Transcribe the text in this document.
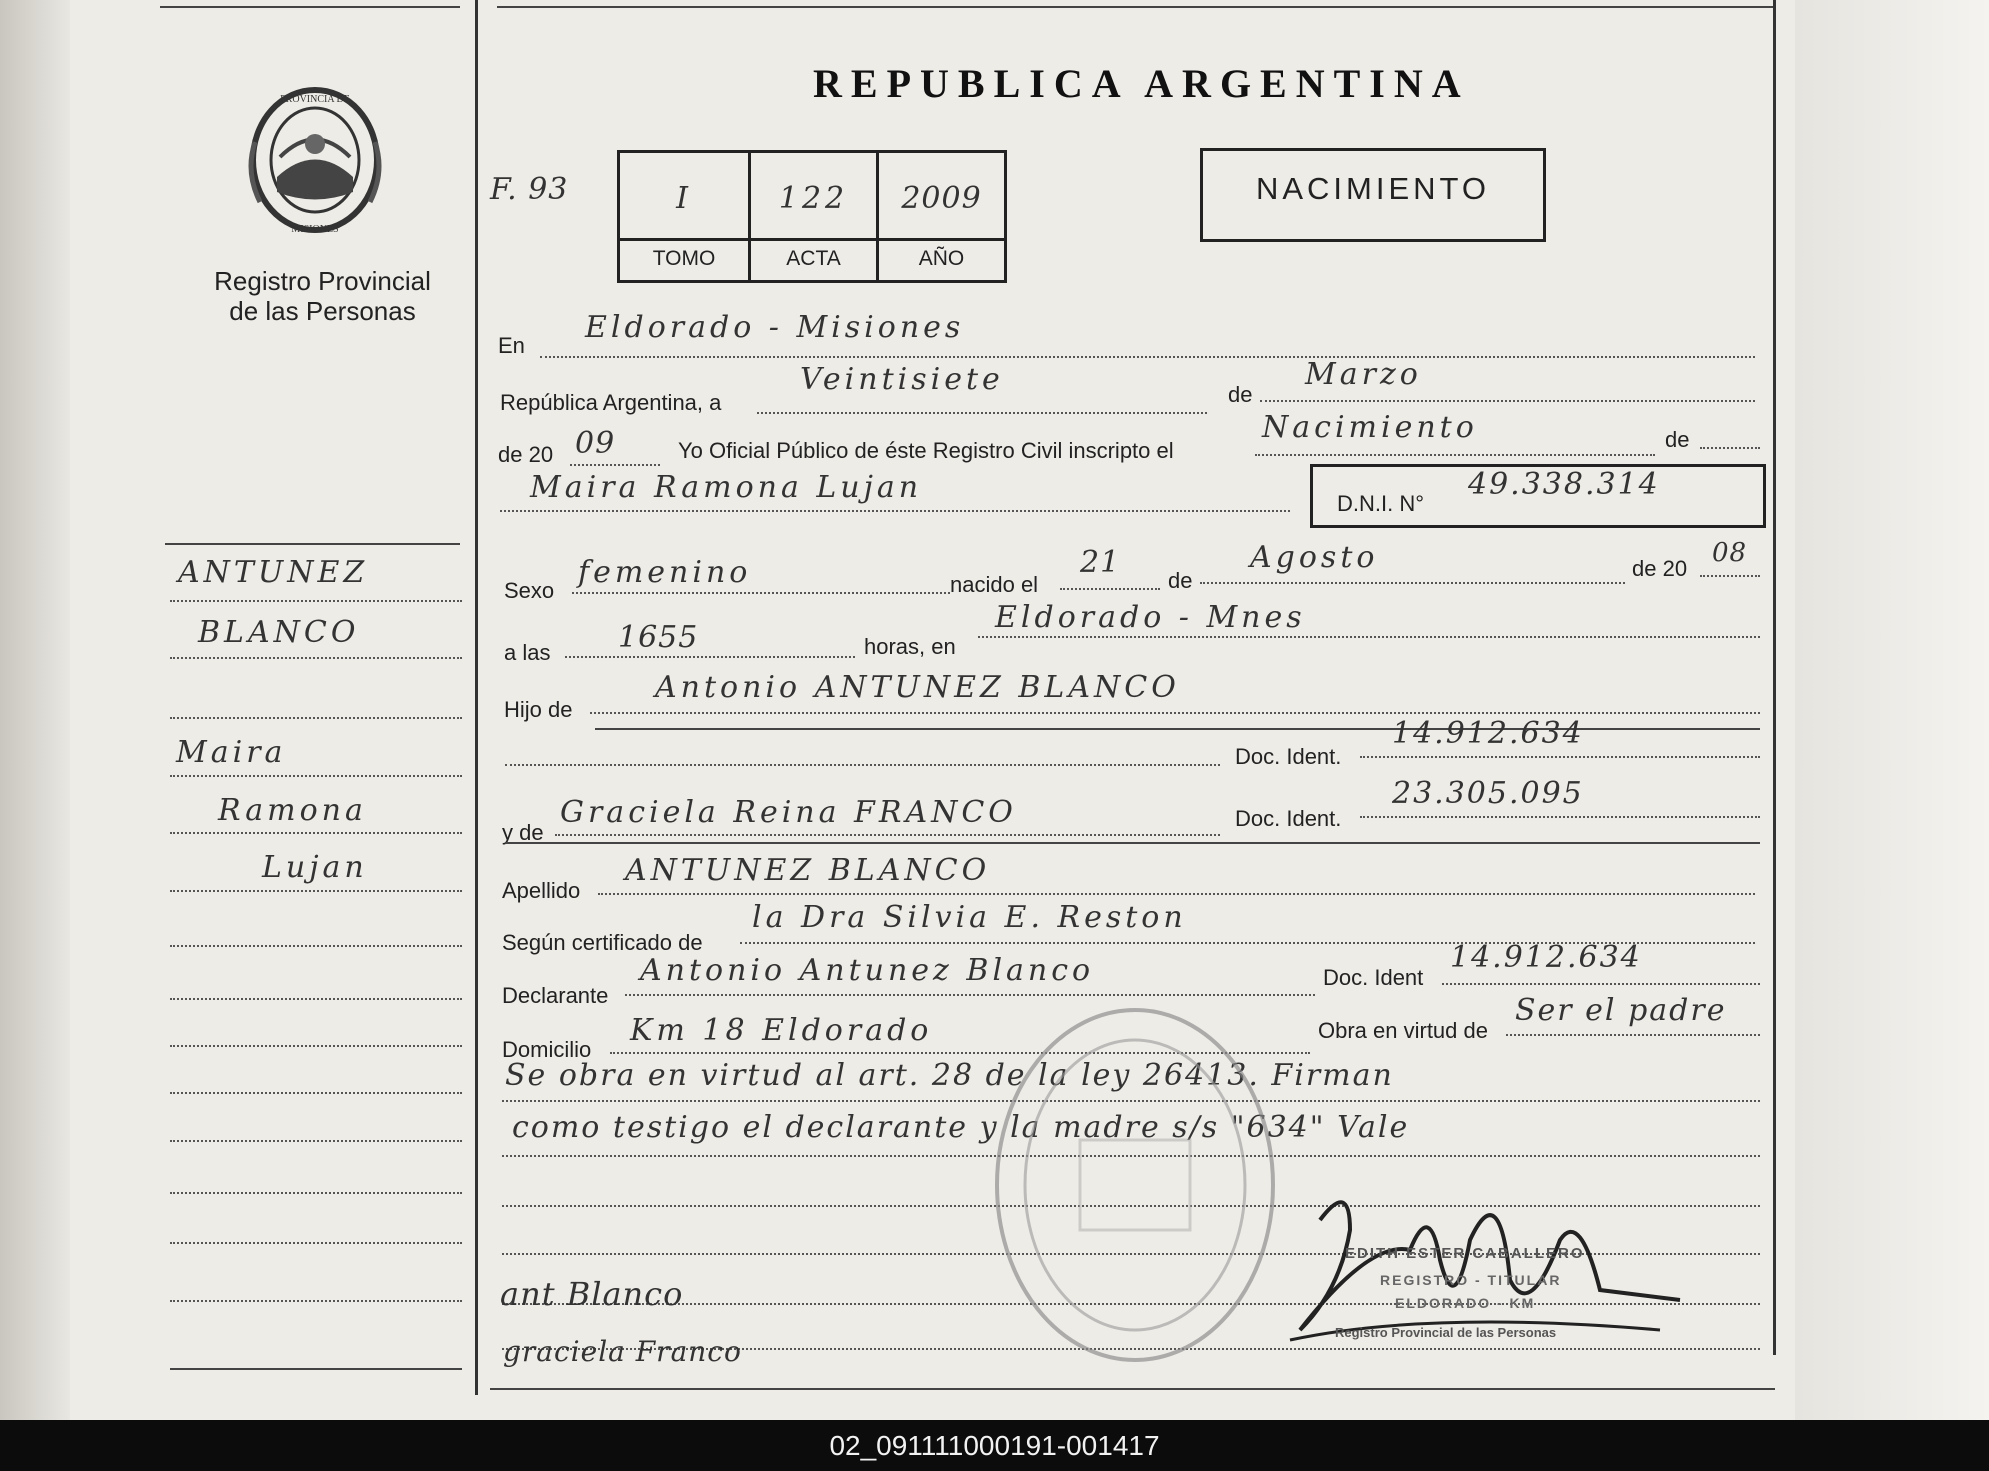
PROVINCIA DE
MISIONES
Registro Provincial
de las Personas
ANTUNEZ
BLANCO
Maira
Ramona
Lujan
REPUBLICA ARGENTINA
NACIMIENTO
F. 93	I	122	2009
TOMO	ACTA	AÑO
En
Eldorado - Misiones
República Argentina, a
Veintisiete	de
Marzo
de 20 09	Yo Oficial Público de éste Registro Civil inscripto el
Nacimiento	de
Maira Ramona Lujan	D.N.I. N°
49.338.314
Sexo
femenino	nacido el
21
de
Agosto	de 20
08
a las 1655	horas, en
Eldorado - Mnes
Hijo de
Antonio ANTUNEZ BLANCO
Doc. Ident.
14.912.634
y de
Graciela Reina FRANCO	Doc. Ident.
23.305.095
Apellido
ANTUNEZ BLANCO
Según certificado de
la Dra Silvia E. Reston
Declarante
Antonio Antunez Blanco	Doc. Ident
14.912.634
Domicilio
Km 18 Eldorado	Obra en virtud de
Ser el padre
Se obra en virtud al art. 28 de la ley 26413. Firman
como testigo el declarante y la madre s/s "634" Vale
EDITH ESTER CABALLERO
REGISTRO - TITULAR
ELDORADO - KM
Registro Provincial de las Personas
ant Blanco
graciela Franco
02_091111000191-001417
